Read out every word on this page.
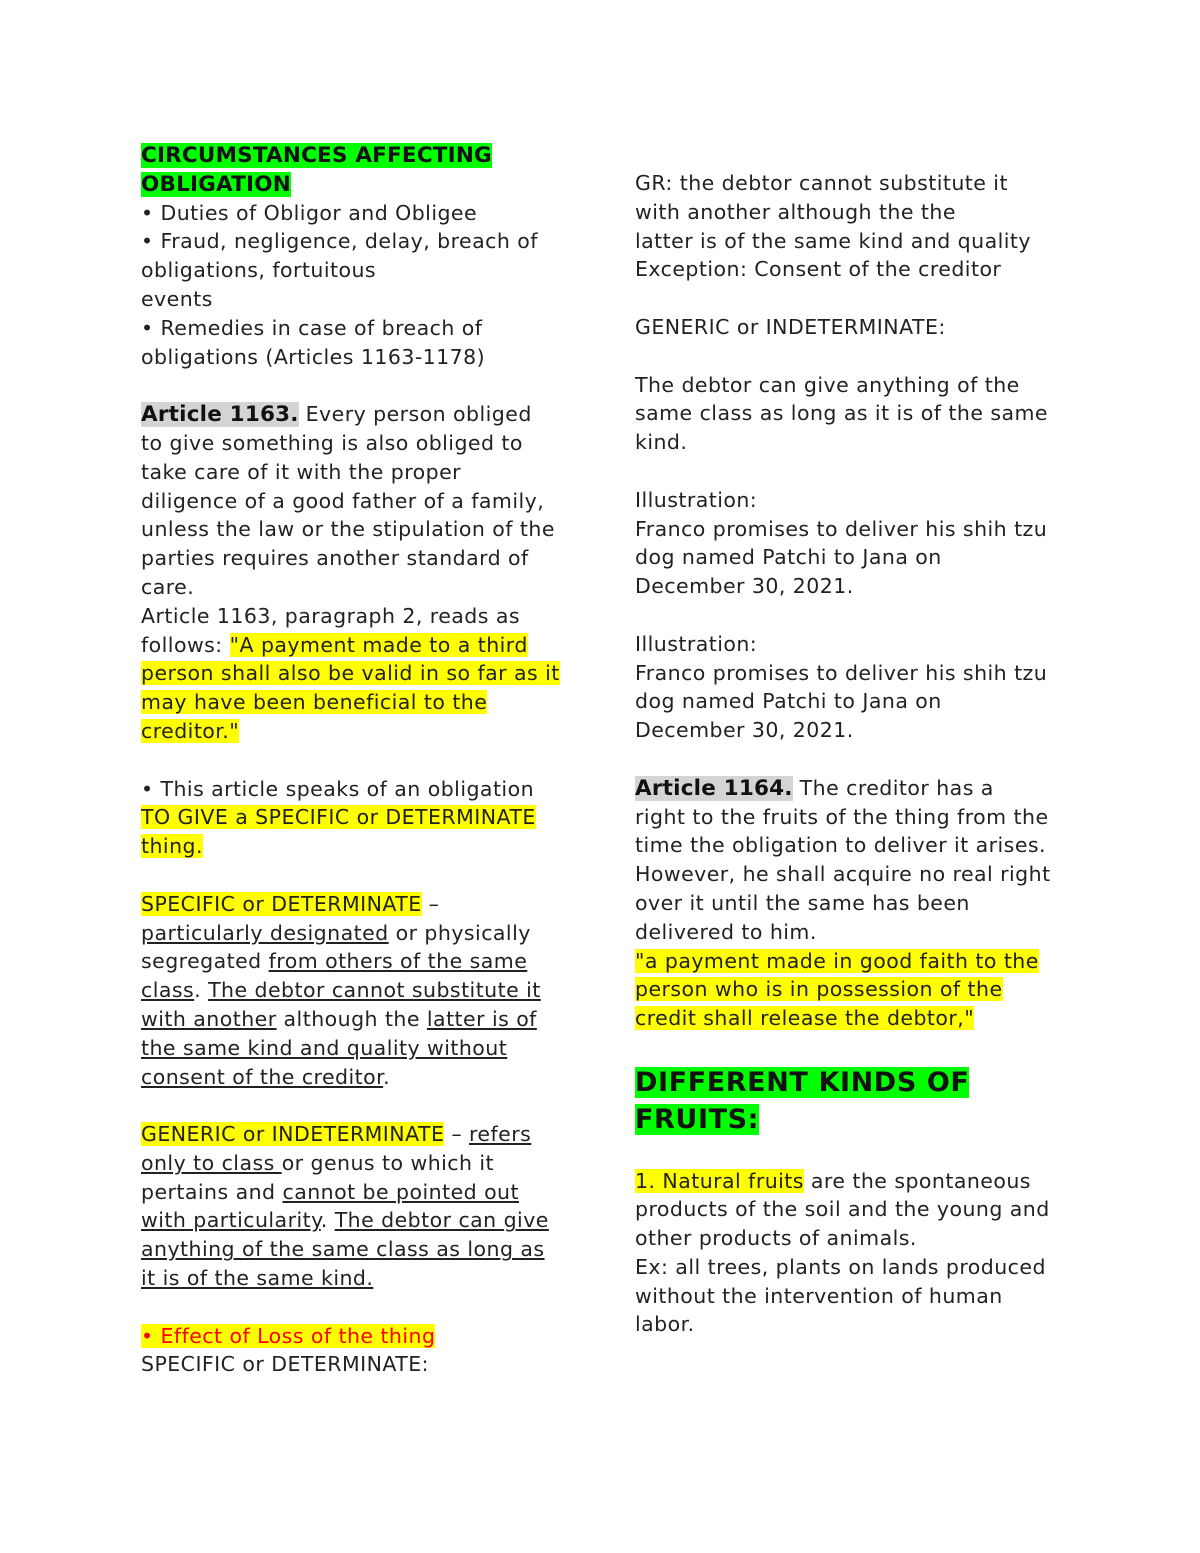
CIRCUMSTANCES AFFECTING
OBLIGATION
• Duties of Obligor and Obligee
• Fraud, negligence, delay, breach of
obligations, fortuitous
events
• Remedies in case of breach of
obligations (Articles 1163-1178)
Article 1163. Every person obliged
to give something is also obliged to
take care of it with the proper
diligence of a good father of a family,
unless the law or the stipulation of the
parties requires another standard of
care.
Article 1163, paragraph 2, reads as
follows: "A payment made to a third
person shall also be valid in so far as it
may have been beneficial to the
creditor."
• This article speaks of an obligation
TO GIVE a SPECIFIC or DETERMINATE
thing.
SPECIFIC or DETERMINATE –
particularly designated or physically
segregated from others of the same
class. The debtor cannot substitute it
with another although the latter is of
the same kind and quality without
consent of the creditor.
GENERIC or INDETERMINATE – refers
only to class or genus to which it
pertains and cannot be pointed out
with particularity. The debtor can give
anything of the same class as long as
it is of the same kind.
• Effect of Loss of the thing
SPECIFIC or DETERMINATE:
GR: the debtor cannot substitute it
with another although the the
latter is of the same kind and quality
Exception: Consent of the creditor
GENERIC or INDETERMINATE:
The debtor can give anything of the
same class as long as it is of the same
kind.
Illustration:
Franco promises to deliver his shih tzu
dog named Patchi to Jana on
December 30, 2021.
Illustration:
Franco promises to deliver his shih tzu
dog named Patchi to Jana on
December 30, 2021.
Article 1164. The creditor has a
right to the fruits of the thing from the
time the obligation to deliver it arises.
However, he shall acquire no real right
over it until the same has been
delivered to him.
"a payment made in good faith to the
person who is in possession of the
credit shall release the debtor,"
DIFFERENT KINDS OF
FRUITS:
1. Natural fruits are the spontaneous
products of the soil and the young and
other products of animals.
Ex: all trees, plants on lands produced
without the intervention of human
labor.
